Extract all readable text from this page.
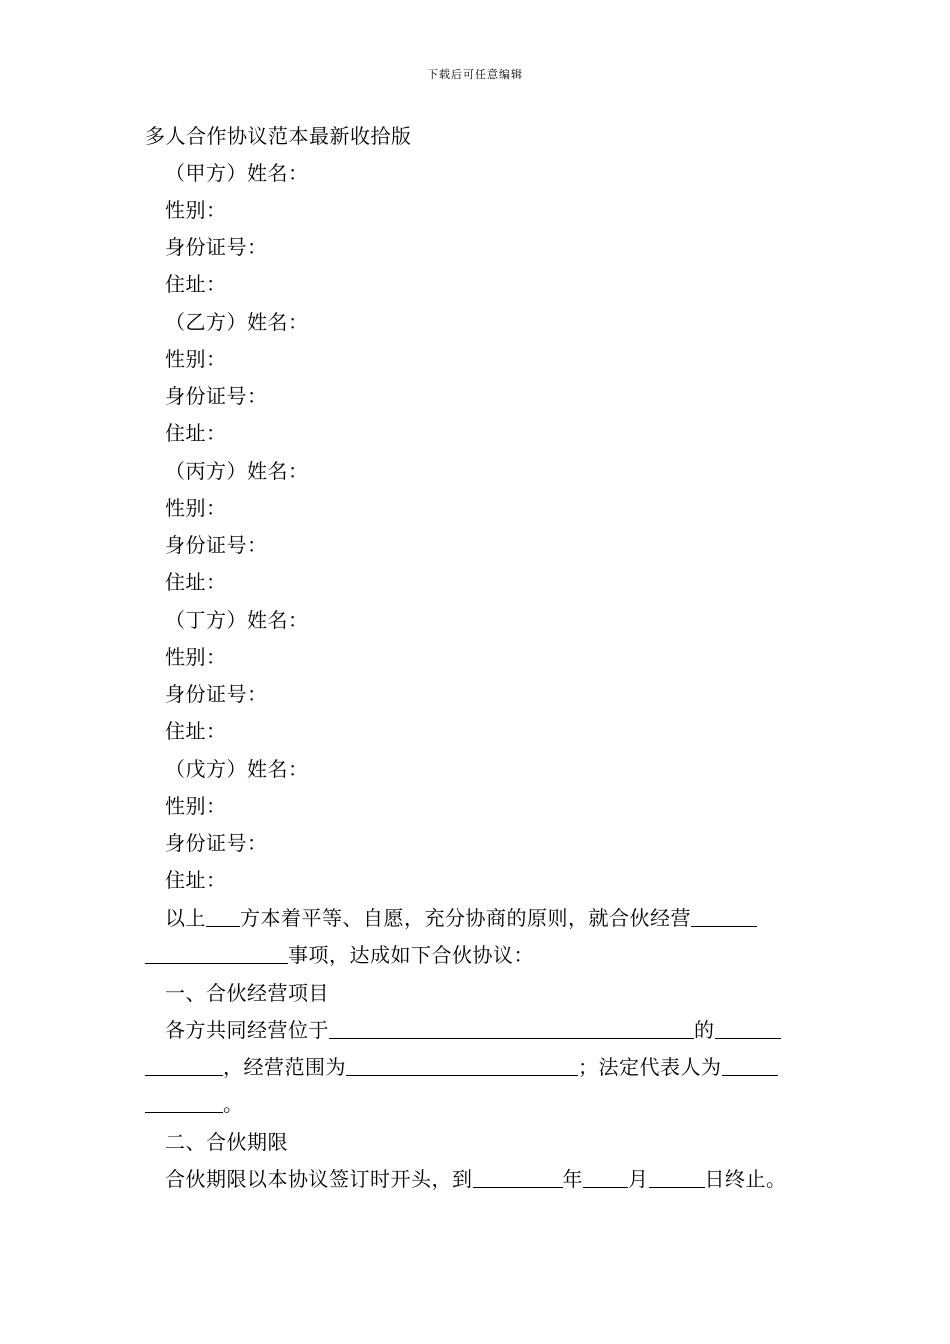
下载后可任意编辑
多人合作协议范本最新收拾版
（甲方）姓名：
性别：
身份证号：
住址：
（乙方）姓名：
性别：
身份证号：
住址：
（丙方）姓名：
性别：
身份证号：
住址：
（丁方）姓名：
性别：
身份证号：
住址：
（戊方）姓名：
性别：
身份证号：
住址：
以上 方本着平等、自愿，充分协商的原则，就合伙经营
事项，达成如下合伙协议：
一、合伙经营项目
各方共同经营位于	的
，经营范围为	；法定代表人为
。
二、合伙期限
合伙期限以本协议签订时开头，到	年 月	日终止。
